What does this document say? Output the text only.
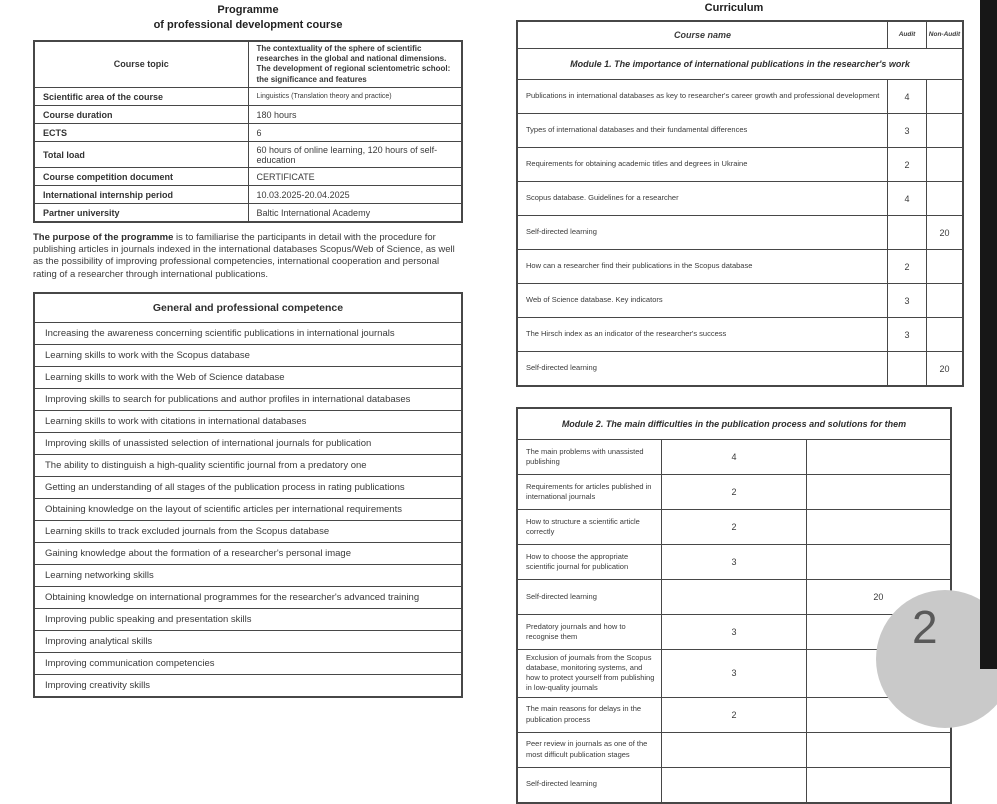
Programme
of professional development course
Course topic	The contextuality of the sphere of scientific researches in the global and national dimensions. The development of regional scientometric school: the significance and features
Scientific area of the course	Linguistics (Translation theory and practice)
Course duration	180 hours
ECTS	6
Total load	60 hours of online learning, 120 hours of self-education
Course competition document	CERTIFICATE
International internship period	10.03.2025-20.04.2025
Partner university	Baltic International Academy

The purpose of the programme is to familiarise the participants in detail with the procedure for publishing articles in journals indexed in the international databases Scopus/Web of Science, as well as the possibility of improving professional competencies, international cooperation and personal rating of a researcher through international publications.

General and professional competence
Increasing the awareness concerning scientific publications in international journals
Learning skills to work with the Scopus database
Learning skills to work with the Web of Science database
Improving skills to search for publications and author profiles in international databases
Learning skills to work with citations in international databases
Improving skills of unassisted selection of international journals for publication
The ability to distinguish a high-quality scientific journal from a predatory one
Getting an understanding of all stages of the publication process in rating publications
Obtaining knowledge on the layout of scientific articles per international requirements
Learning skills to track excluded journals from the Scopus database
Gaining knowledge about the formation of a researcher's personal image
Learning networking skills
Obtaining knowledge on international programmes for the researcher's advanced training
Improving public speaking and presentation skills
Improving analytical skills
Improving communication competencies
Improving creativity skills
Curriculum
Course name	Audit	Non-Audit
Module 1. The importance of international publications in the researcher's work		
Publications in international databases as key to researcher's career growth and professional development	4	
Types of international databases and their fundamental differences	3	
Requirements for obtaining academic titles and degrees in Ukraine	2	
Scopus database. Guidelines for a researcher	4	
Self-directed learning		20
How can a researcher find their publications in the Scopus database	2	
Web of Science database. Key indicators	3	
The Hirsch index as an indicator of the researcher's success	3	
Self-directed learning		20
Module 2. The main difficulties in the publication process and solutions for them		
The main problems with unassisted publishing	4	
Requirements for articles published in international journals	2	
How to structure a scientific article correctly	2	
How to choose the appropriate scientific journal for publication	3	
Self-directed learning		20
Predatory journals and how to recognise them	3	
Exclusion of journals from the Scopus database, monitoring systems, and how to protect yourself from publishing in low-quality journals	3	
The main reasons for delays in the publication process	2	
Peer review in journals as one of the most difficult publication stages		
Self-directed learning		
2
